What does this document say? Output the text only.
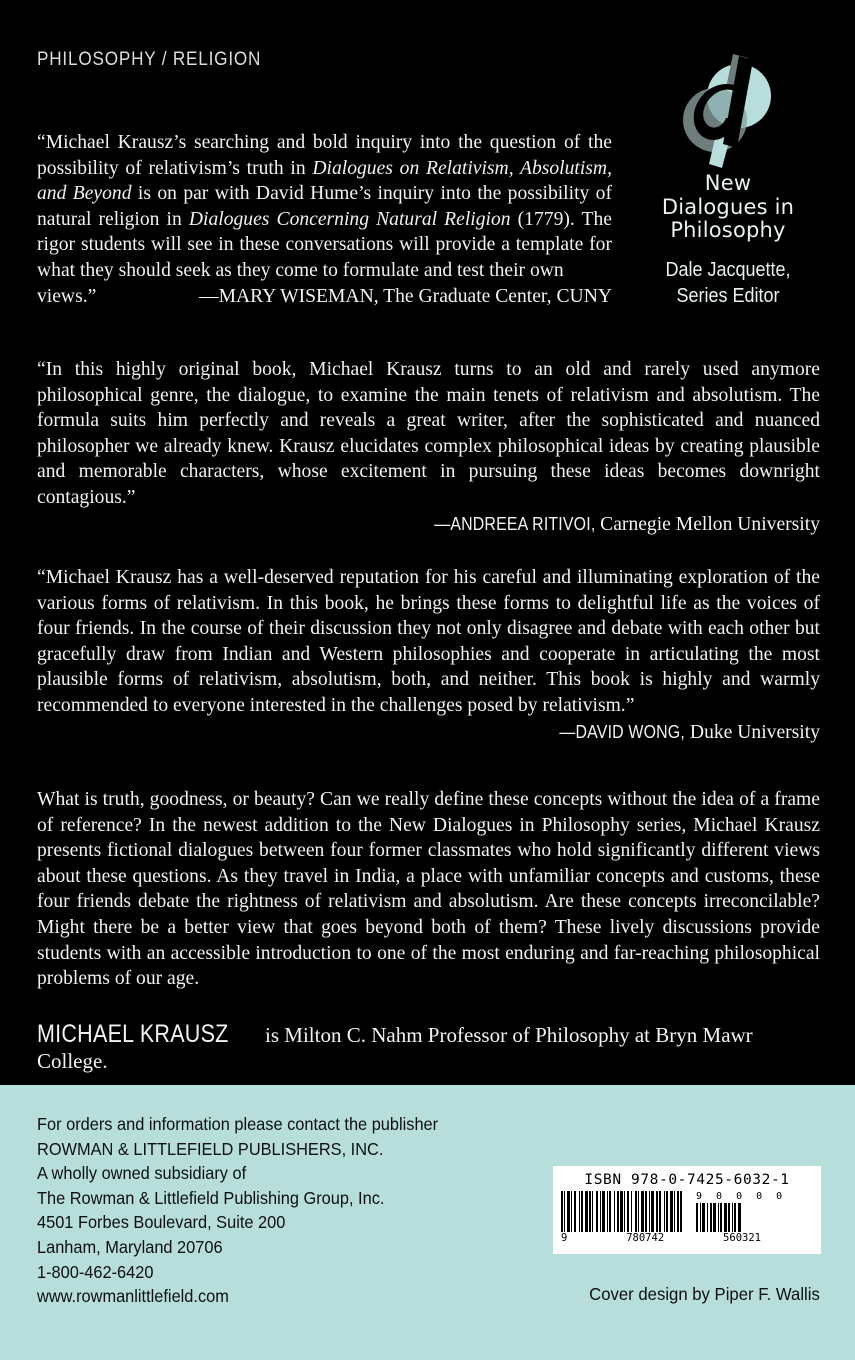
PHILOSOPHY / RELIGION
New
Dialogues in
Philosophy
Dale Jacquette,
Series Editor

“Michael Krausz’s searching and bold inquiry into the question of the possibility of relativism’s truth in Dialogues on Relativism, Absolutism, and Beyond is on par with David Hume’s inquiry into the possibility of natural religion in Dialogues Concerning Natural Religion (1779). The rigor students will see in these conversations will provide a template for what they should seek as they come to formulate and test their own

views.”	—MARY WISEMAN, The Graduate Center, CUNY

“In this highly original book, Michael Krausz turns to an old and rarely used anymore philosophical genre, the dialogue, to examine the main tenets of relativism and absolutism. The formula suits him perfectly and reveals a great writer, after the sophisticated and nuanced philosopher we already knew. Krausz elucidates complex philosophical ideas by creating plausible and memorable characters, whose excitement in pursuing these ideas becomes downright contagious.”

—ANDREEA RITIVOI, Carnegie Mellon University

“Michael Krausz has a well-deserved reputation for his careful and illuminating exploration of the various forms of relativism. In this book, he brings these forms to delightful life as the voices of four friends. In the course of their discussion they not only disagree and debate with each other but gracefully draw from Indian and Western philosophies and cooperate in articulating the most plausible forms of relativism, absolutism, both, and neither. This book is highly and warmly recommended to everyone interested in the challenges posed by relativism.”

—DAVID WONG, Duke University

What is truth, goodness, or beauty? Can we really define these concepts without the idea of a frame of reference? In the newest addition to the New Dialogues in Philosophy series, Michael Krausz presents fictional dialogues between four former classmates who hold significantly different views about these questions. As they travel in India, a place with unfamiliar concepts and customs, these four friends debate the rightness of relativism and absolutism. Are these concepts irreconcilable? Might there be a better view that goes beyond both of them? These lively discussions provide students with an accessible introduction to one of the most enduring and far-reaching philosophical problems of our age.

MICHAEL KRAUSZ is Milton C. Nahm Professor of Philosophy at Bryn Mawr College.
For orders and information please contact the publisher
ROWMAN & LITTLEFIELD PUBLISHERS, INC.
A wholly owned subsidiary of
The Rowman & Littlefield Publishing Group, Inc.
4501 Forbes Boulevard, Suite 200
Lanham, Maryland 20706
1-800-462-6420
www.rowmanlittlefield.com
ISBN 978-0-7425-6032-1
9 0 0 0 0
9	780742	560321
Cover design by Piper F. Wallis
